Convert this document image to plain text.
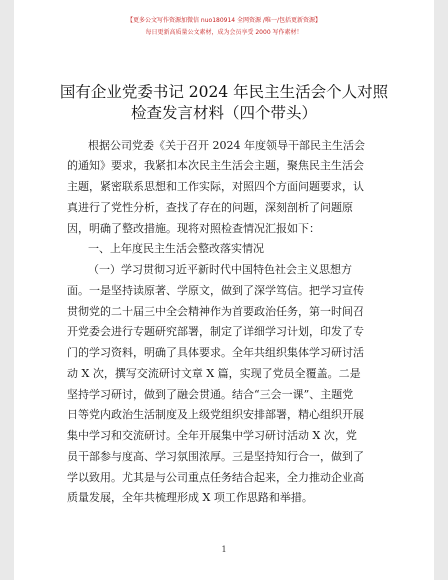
【更多公文写作资源加微信 nuo180914 全网资源 /唯一/包括更新资源】
每日更新高质量公文素材，成为会员享受 2000 写作素材！
国有企业党委书记 2024 年民主生活会个人对照
检查发言材料（四个带头）
根据公司党委《关于召开 2024 年度领导干部民主生活会
的通知》要求，我紧扣本次民主生活会主题，聚焦民主生活会
主题，紧密联系思想和工作实际，对照四个方面问题要求，认
真进行了党性分析，查找了存在的问题，深刻剖析了问题原
因，明确了整改措施。现将对照检查情况汇报如下：
一、上年度民主生活会整改落实情况
（一）学习贯彻习近平新时代中国特色社会主义思想方
面。一是坚持读原著、学原文，做到了深学笃信。把学习宣传
贯彻党的二十届三中全会精神作为首要政治任务，第一时间召
开党委会进行专题研究部署，制定了详细学习计划，印发了专
门的学习资料，明确了具体要求。全年共组织集体学习研讨活
动 X 次，撰写交流研讨文章 X 篇，实现了党员全覆盖。二是
坚持学习研讨，做到了融会贯通。结合“三会一课”、主题党
日等党内政治生活制度及上级党组织安排部署，精心组织开展
集中学习和交流研讨。全年开展集中学习研讨活动 X 次，党
员干部参与度高、学习氛围浓厚。三是坚持知行合一，做到了
学以致用。尤其是与公司重点任务结合起来，全力推动企业高
质量发展，全年共梳理形成 X 项工作思路和举措。
1
